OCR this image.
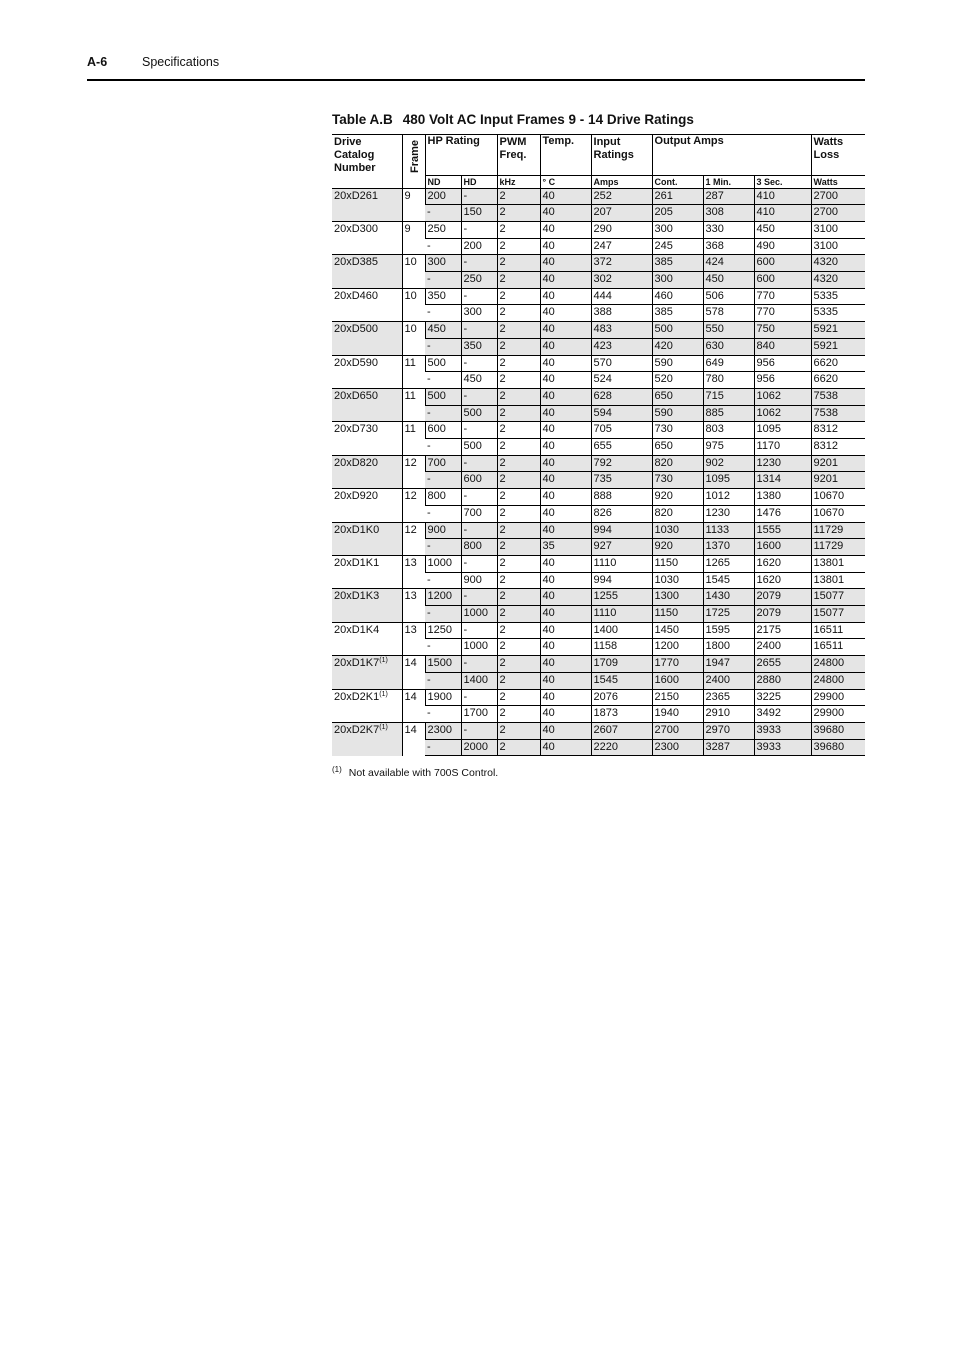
A-6	Specifications
Table A.B 480 Volt AC Input Frames 9 - 14 Drive Ratings
Drive Catalog Number	Frame	HP Rating		PWM Freq.	Temp.	Input Ratings	Output Amps			Watts Loss

		ND	HD	kHz	° C	Amps	Cont.	1 Min.	3 Sec.	Watts
20xD261	9	200	-	2	40	252	261	287	410	2700
		-	150	2	40	207	205	308	410	2700
20xD300	9	250	-	2	40	290	300	330	450	3100
		-	200	2	40	247	245	368	490	3100
20xD385	10	300	-	2	40	372	385	424	600	4320
		-	250	2	40	302	300	450	600	4320
20xD460	10	350	-	2	40	444	460	506	770	5335
		-	300	2	40	388	385	578	770	5335
20xD500	10	450	-	2	40	483	500	550	750	5921
		-	350	2	40	423	420	630	840	5921
20xD590	11	500	-	2	40	570	590	649	956	6620
		-	450	2	40	524	520	780	956	6620
20xD650	11	500	-	2	40	628	650	715	1062	7538
		-	500	2	40	594	590	885	1062	7538
20xD730	11	600	-	2	40	705	730	803	1095	8312
		-	500	2	40	655	650	975	1170	8312
20xD820	12	700	-	2	40	792	820	902	1230	9201
		-	600	2	40	735	730	1095	1314	9201
20xD920	12	800	-	2	40	888	920	1012	1380	10670
		-	700	2	40	826	820	1230	1476	10670
20xD1K0	12	900	-	2	40	994	1030	1133	1555	11729
		-	800	2	35	927	920	1370	1600	11729
20xD1K1	13	1000	-	2	40	1110	1150	1265	1620	13801
		-	900	2	40	994	1030	1545	1620	13801
20xD1K3	13	1200	-	2	40	1255	1300	1430	2079	15077
		-	1000	2	40	1110	1150	1725	2079	15077
20xD1K4	13	1250	-	2	40	1400	1450	1595	2175	16511
		-	1000	2	40	1158	1200	1800	2400	16511
20xD1K7$^{(1)}$	14	1500	-	2	40	1709	1770	1947	2655	24800
		-	1400	2	40	1545	1600	2400	2880	24800
20xD2K1$^{(1)}$	14	1900	-	2	40	2076	2150	2365	3225	29900
		-	1700	2	40	1873	1940	2910	3492	29900
20xD2K7$^{(1)}$	14	2300	-	2	40	2607	2700	2970	3933	39680
		-	2000	2	40	2220	2300	3287	3933	39680
$^{(1)}$ Not available with 700S Control.
